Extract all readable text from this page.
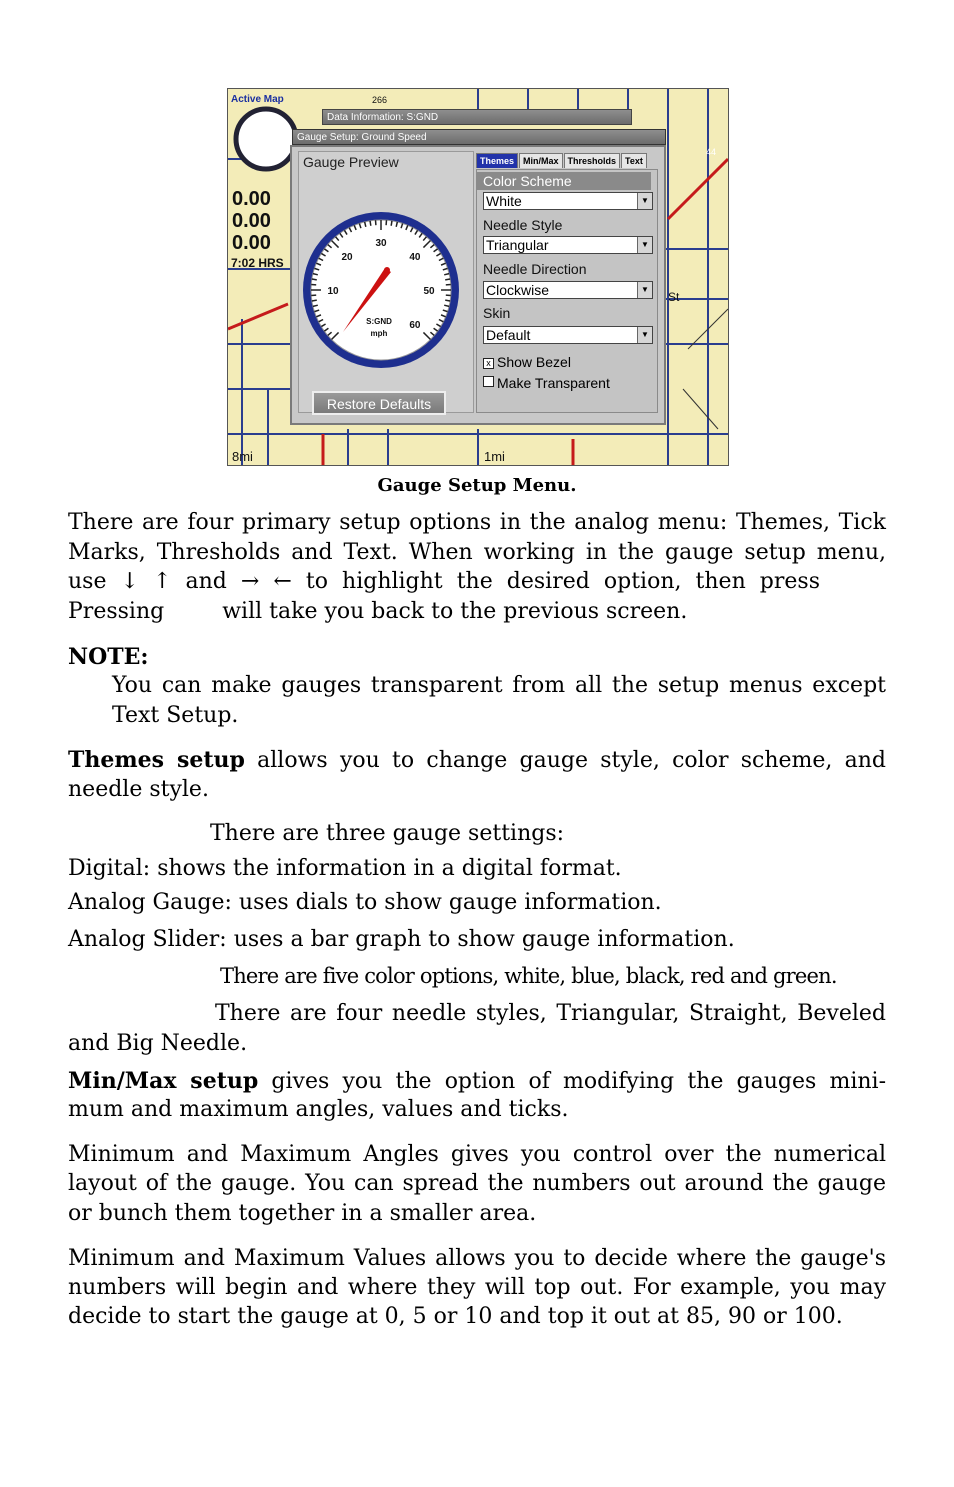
Active Map
0.00
0.00
0.00
7:02 HRS
8mi	1mi
St
266
44
Data Information: S:GND
Gauge Setup: Ground Speed
Gauge Preview
10
20
30
40
50
60
S:GND
mph
Restore Defaults
Themes	Min/Max	Thresholds	Text
Color Scheme
White	▼
Needle Style
Triangular	▼
Needle Direction
Clockwise	▼
Skin
Default	▼
x Show Bezel
Make Transparent
Gauge Setup Menu.
There are four primary setup options in the analog menu: Themes, Tick
Marks, Thresholds and Text. When working in the gauge setup menu,
use ↓ ↑ and → ← to highlight the desired option, then press
Pressing	will take you back to the previous screen.
NOTE:
You can make gauges transparent from all the setup menus except
Text Setup.
Themes setup allows you to change gauge style, color scheme, and
needle style.
There are three gauge settings:
Digital: shows the information in a digital format.
Analog Gauge: uses dials to show gauge information.
Analog Slider: uses a bar graph to show gauge information.
There are five color options, white, blue, black, red and green.
There are four needle styles, Triangular, Straight, Beveled
and Big Needle.
Min/Max setup gives you the option of modifying the gauges mini-
mum and maximum angles, values and ticks.
Minimum and Maximum Angles gives you control over the numerical
layout of the gauge. You can spread the numbers out around the gauge
or bunch them together in a smaller area.
Minimum and Maximum Values allows you to decide where the gauge's
numbers will begin and where they will top out. For example, you may
decide to start the gauge at 0, 5 or 10 and top it out at 85, 90 or 100.
